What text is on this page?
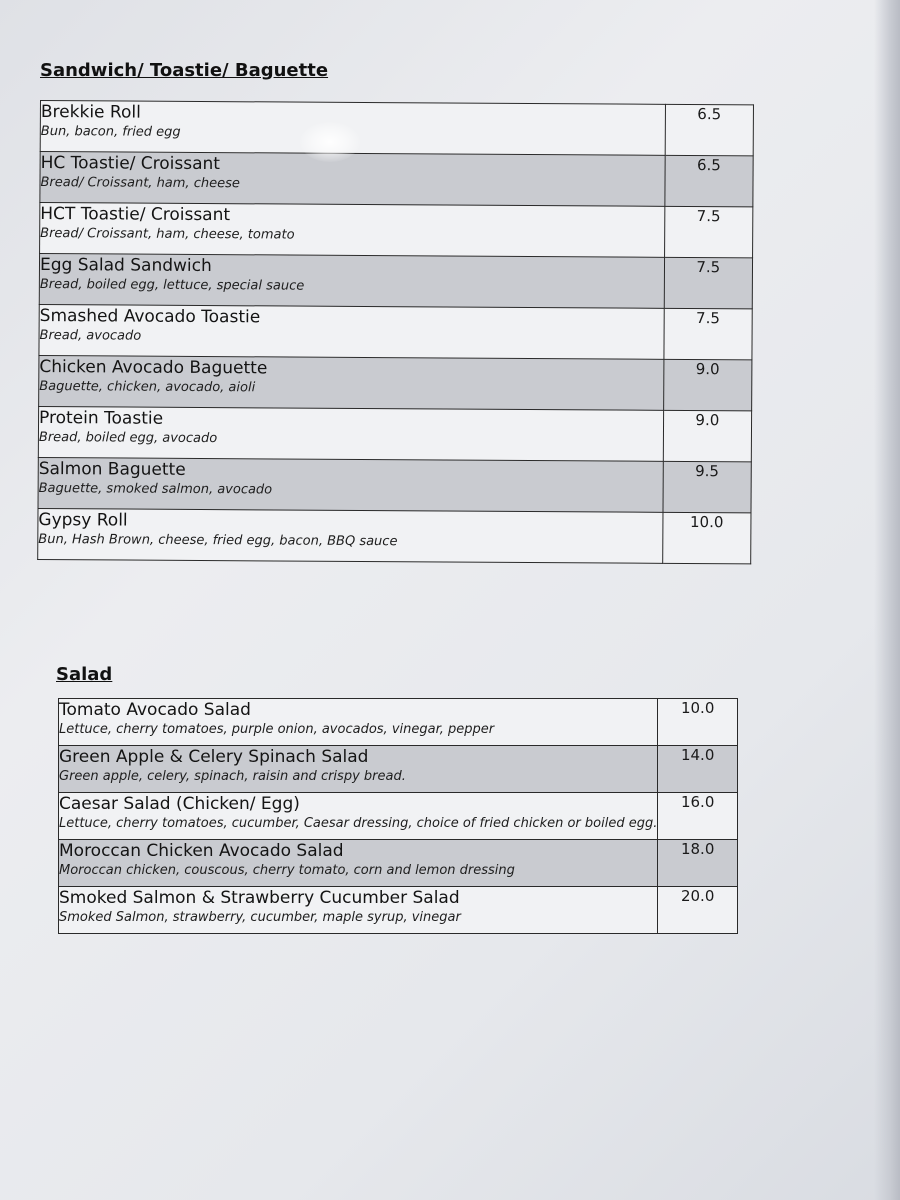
Sandwich/ Toastie/ Baguette
Brekkie Roll
Bun, bacon, fried egg	6.5

HC Toastie/ Croissant
Bread/ Croissant, ham, cheese	6.5

HCT Toastie/ Croissant
Bread/ Croissant, ham, cheese, tomato	7.5

Egg Salad Sandwich
Bread, boiled egg, lettuce, special sauce	7.5

Smashed Avocado Toastie
Bread, avocado	7.5

Chicken Avocado Baguette
Baguette, chicken, avocado, aioli	9.0

Protein Toastie
Bread, boiled egg, avocado	9.0

Salmon Baguette
Baguette, smoked salmon, avocado	9.5

Gypsy Roll
Bun, Hash Brown, cheese, fried egg, bacon, BBQ sauce	10.0
Salad
Tomato Avocado Salad
Lettuce, cherry tomatoes, purple onion, avocados, vinegar, pepper	10.0

Green Apple & Celery Spinach Salad
Green apple, celery, spinach, raisin and crispy bread.	14.0

Caesar Salad (Chicken/ Egg)
Lettuce, cherry tomatoes, cucumber, Caesar dressing, choice of fried chicken or boiled egg.	16.0

Moroccan Chicken Avocado Salad
Moroccan chicken, couscous, cherry tomato, corn and lemon dressing	18.0

Smoked Salmon & Strawberry Cucumber Salad
Smoked Salmon, strawberry, cucumber, maple syrup, vinegar	20.0
